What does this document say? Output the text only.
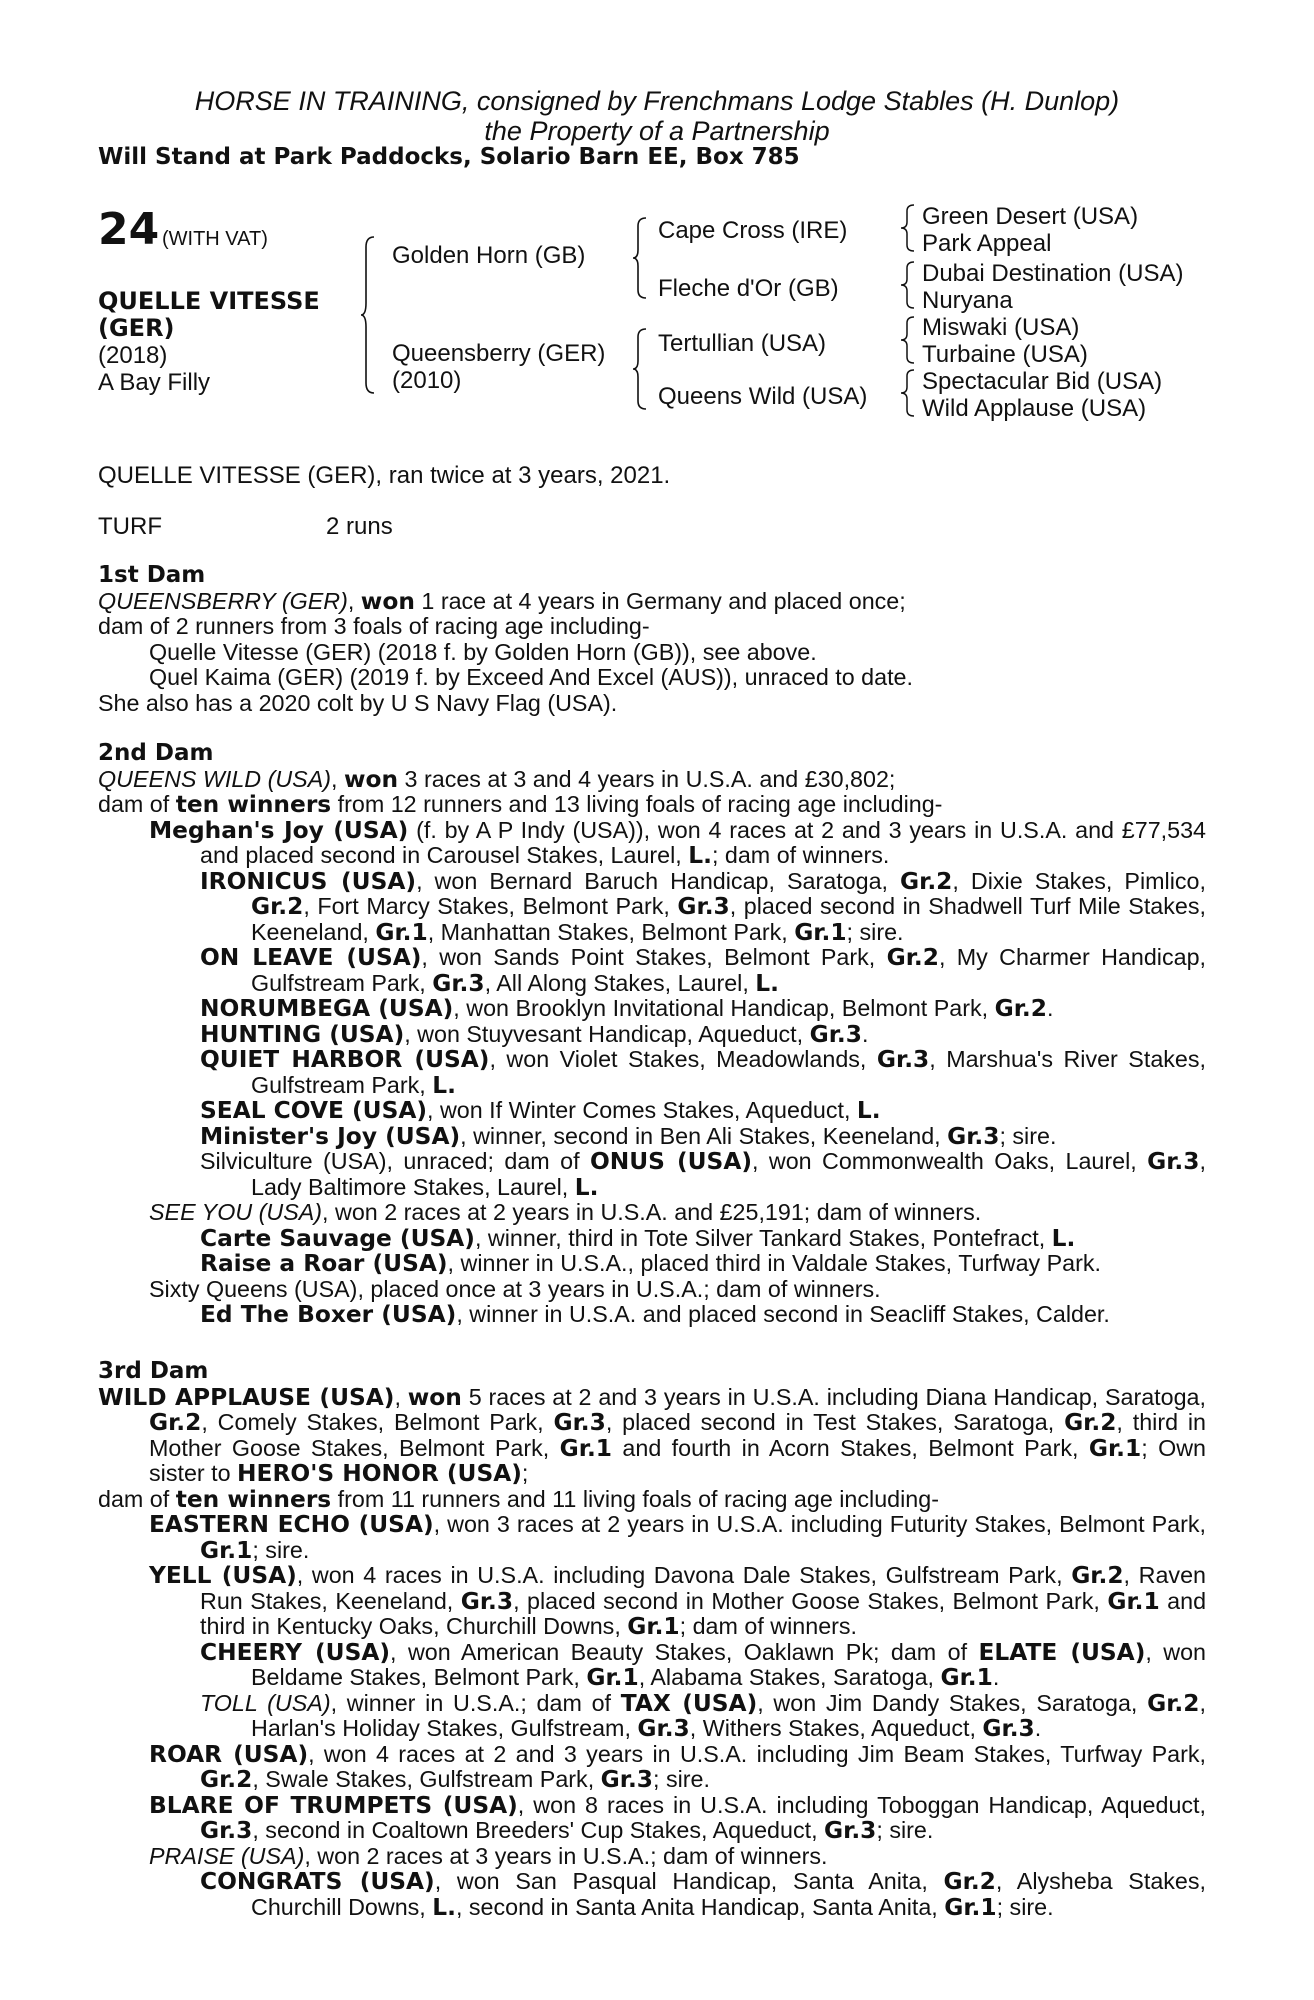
HORSE IN TRAINING, consigned by Frenchmans Lodge Stables (H. Dunlop)
the Property of a Partnership
Will Stand at Park Paddocks, Solario Barn EE, Box 785
24 (WITH VAT)
QUELLE VITESSE (GER)
(2018)
A Bay Filly
Golden Horn (GB)
Queensberry (GER)
(2010)
Cape Cross (IRE)
Fleche d'Or (GB)
Tertullian (USA)
Queens Wild (USA)
Green Desert (USA)
Park Appeal
Dubai Destination (USA)
Nuryana
Miswaki (USA)
Turbaine (USA)
Spectacular Bid (USA)
Wild Applause (USA)
QUELLE VITESSE (GER), ran twice at 3 years, 2021.
TURF	2 runs
1st Dam
QUEENSBERRY (GER), won 1 race at 4 years in Germany and placed once;
dam of 2 runners from 3 foals of racing age including-
Quelle Vitesse (GER) (2018 f. by Golden Horn (GB)), see above.
Quel Kaima (GER) (2019 f. by Exceed And Excel (AUS)), unraced to date.
She also has a 2020 colt by U S Navy Flag (USA).
2nd Dam
QUEENS WILD (USA), won 3 races at 3 and 4 years in U.S.A. and £30,802;
dam of ten winners from 12 runners and 13 living foals of racing age including-
Meghan's Joy (USA) (f. by A P Indy (USA)), won 4 races at 2 and 3 years in U.S.A. and £77,534 and placed second in Carousel Stakes, Laurel, L.; dam of winners.
IRONICUS (USA), won Bernard Baruch Handicap, Saratoga, Gr.2, Dixie Stakes, Pimlico, Gr.2, Fort Marcy Stakes, Belmont Park, Gr.3, placed second in Shadwell Turf Mile Stakes, Keeneland, Gr.1, Manhattan Stakes, Belmont Park, Gr.1; sire.
ON LEAVE (USA), won Sands Point Stakes, Belmont Park, Gr.2, My Charmer Handicap, Gulfstream Park, Gr.3, All Along Stakes, Laurel, L.
NORUMBEGA (USA), won Brooklyn Invitational Handicap, Belmont Park, Gr.2.
HUNTING (USA), won Stuyvesant Handicap, Aqueduct, Gr.3.
QUIET HARBOR (USA), won Violet Stakes, Meadowlands, Gr.3, Marshua's River Stakes, Gulfstream Park, L.
SEAL COVE (USA), won If Winter Comes Stakes, Aqueduct, L.
Minister's Joy (USA), winner, second in Ben Ali Stakes, Keeneland, Gr.3; sire.
Silviculture (USA), unraced; dam of ONUS (USA), won Commonwealth Oaks, Laurel, Gr.3, Lady Baltimore Stakes, Laurel, L.
SEE YOU (USA), won 2 races at 2 years in U.S.A. and £25,191; dam of winners.
Carte Sauvage (USA), winner, third in Tote Silver Tankard Stakes, Pontefract, L.
Raise a Roar (USA), winner in U.S.A., placed third in Valdale Stakes, Turfway Park.
Sixty Queens (USA), placed once at 3 years in U.S.A.; dam of winners.
Ed The Boxer (USA), winner in U.S.A. and placed second in Seacliff Stakes, Calder.
3rd Dam
WILD APPLAUSE (USA), won 5 races at 2 and 3 years in U.S.A. including Diana Handicap, Saratoga, Gr.2, Comely Stakes, Belmont Park, Gr.3, placed second in Test Stakes, Saratoga, Gr.2, third in Mother Goose Stakes, Belmont Park, Gr.1 and fourth in Acorn Stakes, Belmont Park, Gr.1; Own sister to HERO'S HONOR (USA);
dam of ten winners from 11 runners and 11 living foals of racing age including-
EASTERN ECHO (USA), won 3 races at 2 years in U.S.A. including Futurity Stakes, Belmont Park, Gr.1; sire.
YELL (USA), won 4 races in U.S.A. including Davona Dale Stakes, Gulfstream Park, Gr.2, Raven Run Stakes, Keeneland, Gr.3, placed second in Mother Goose Stakes, Belmont Park, Gr.1 and third in Kentucky Oaks, Churchill Downs, Gr.1; dam of winners.
CHEERY (USA), won American Beauty Stakes, Oaklawn Pk; dam of ELATE (USA), won Beldame Stakes, Belmont Park, Gr.1, Alabama Stakes, Saratoga, Gr.1.
TOLL (USA), winner in U.S.A.; dam of TAX (USA), won Jim Dandy Stakes, Saratoga, Gr.2, Harlan's Holiday Stakes, Gulfstream, Gr.3, Withers Stakes, Aqueduct, Gr.3.
ROAR (USA), won 4 races at 2 and 3 years in U.S.A. including Jim Beam Stakes, Turfway Park, Gr.2, Swale Stakes, Gulfstream Park, Gr.3; sire.
BLARE OF TRUMPETS (USA), won 8 races in U.S.A. including Toboggan Handicap, Aqueduct, Gr.3, second in Coaltown Breeders' Cup Stakes, Aqueduct, Gr.3; sire.
PRAISE (USA), won 2 races at 3 years in U.S.A.; dam of winners.
CONGRATS (USA), won San Pasqual Handicap, Santa Anita, Gr.2, Alysheba Stakes, Churchill Downs, L., second in Santa Anita Handicap, Santa Anita, Gr.1; sire.
